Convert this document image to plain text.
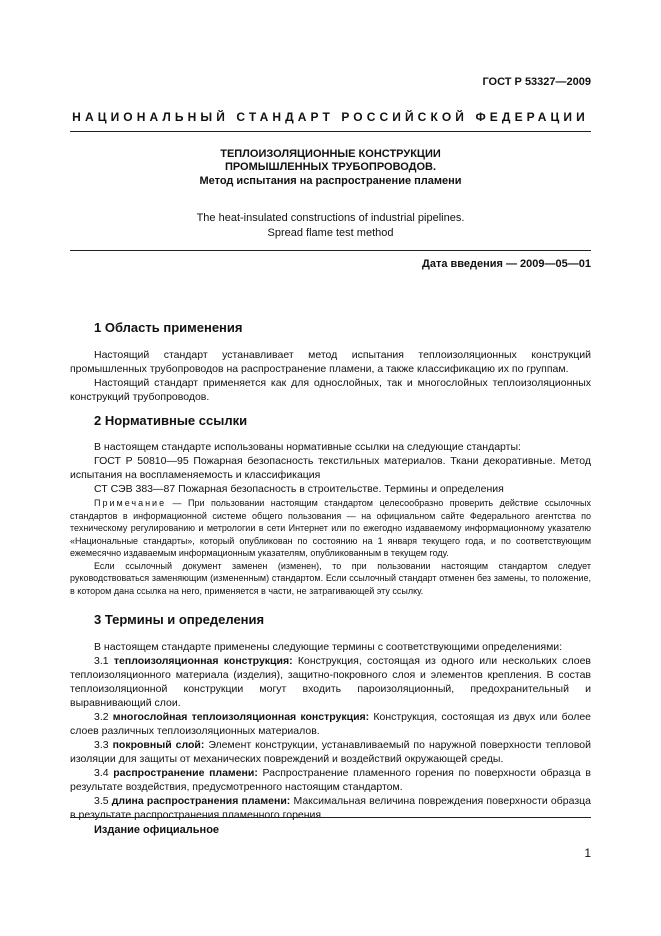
ГОСТ Р 53327—2009
НАЦИОНАЛЬНЫЙ СТАНДАРТ РОССИЙСКОЙ ФЕДЕРАЦИИ
ТЕПЛОИЗОЛЯЦИОННЫЕ КОНСТРУКЦИИ
ПРОМЫШЛЕННЫХ ТРУБОПРОВОДОВ.
Метод испытания на распространение пламени
The heat-insulated constructions of industrial pipelines.
Spread flame test method
Дата введения — 2009—05—01
1 Область применения

Настоящий стандарт устанавливает метод испытания теплоизоляционных конструкций промышленных трубопроводов на распространение пламени, а также классификацию их по группам.

Настоящий стандарт применяется как для однослойных, так и многослойных теплоизоляционных конструкций трубопроводов.

2 Нормативные ссылки

В настоящем стандарте использованы нормативные ссылки на следующие стандарты:

ГОСТ Р 50810—95 Пожарная безопасность текстильных материалов. Ткани декоративные. Метод испытания на воспламеняемость и классификация

СТ СЭВ 383—87 Пожарная безопасность в строительстве. Термины и определения

Примечание — При пользовании настоящим стандартом целесообразно проверить действие ссылочных стандартов в информационной системе общего пользования — на официальном сайте Федерального агентства по техническому регулированию и метрологии в сети Интернет или по ежегодно издаваемому информационному указателю «Национальные стандарты», который опубликован по состоянию на 1 января текущего года, и по соответствующим ежемесячно издаваемым информационным указателям, опубликованным в текущем году.

Если ссылочный документ заменен (изменен), то при пользовании настоящим стандартом следует руководствоваться заменяющим (измененным) стандартом. Если ссылочный стандарт отменен без замены, то положение, в котором дана ссылка на него, применяется в части, не затрагивающей эту ссылку.

3 Термины и определения

В настоящем стандарте применены следующие термины с соответствующими определениями:

3.1 теплоизоляционная конструкция: Конструкция, состоящая из одного или нескольких слоев теплоизоляционного материала (изделия), защитно-покровного слоя и элементов крепления. В состав теплоизоляционной конструкции могут входить пароизоляционный, предохранительный и выравнивающий слои.

3.2 многослойная теплоизоляционная конструкция: Конструкция, состоящая из двух или более слоев различных теплоизоляционных материалов.

3.3 покровный слой: Элемент конструкции, устанавливаемый по наружной поверхности тепловой изоляции для защиты от механических повреждений и воздействий окружающей среды.

3.4 распространение пламени: Распространение пламенного горения по поверхности образца в результате воздействия, предусмотренного настоящим стандартом.

3.5 длина распространения пламени: Максимальная величина повреждения поверхности образца в результате распространения пламенного горения.

Издание официальное
1
